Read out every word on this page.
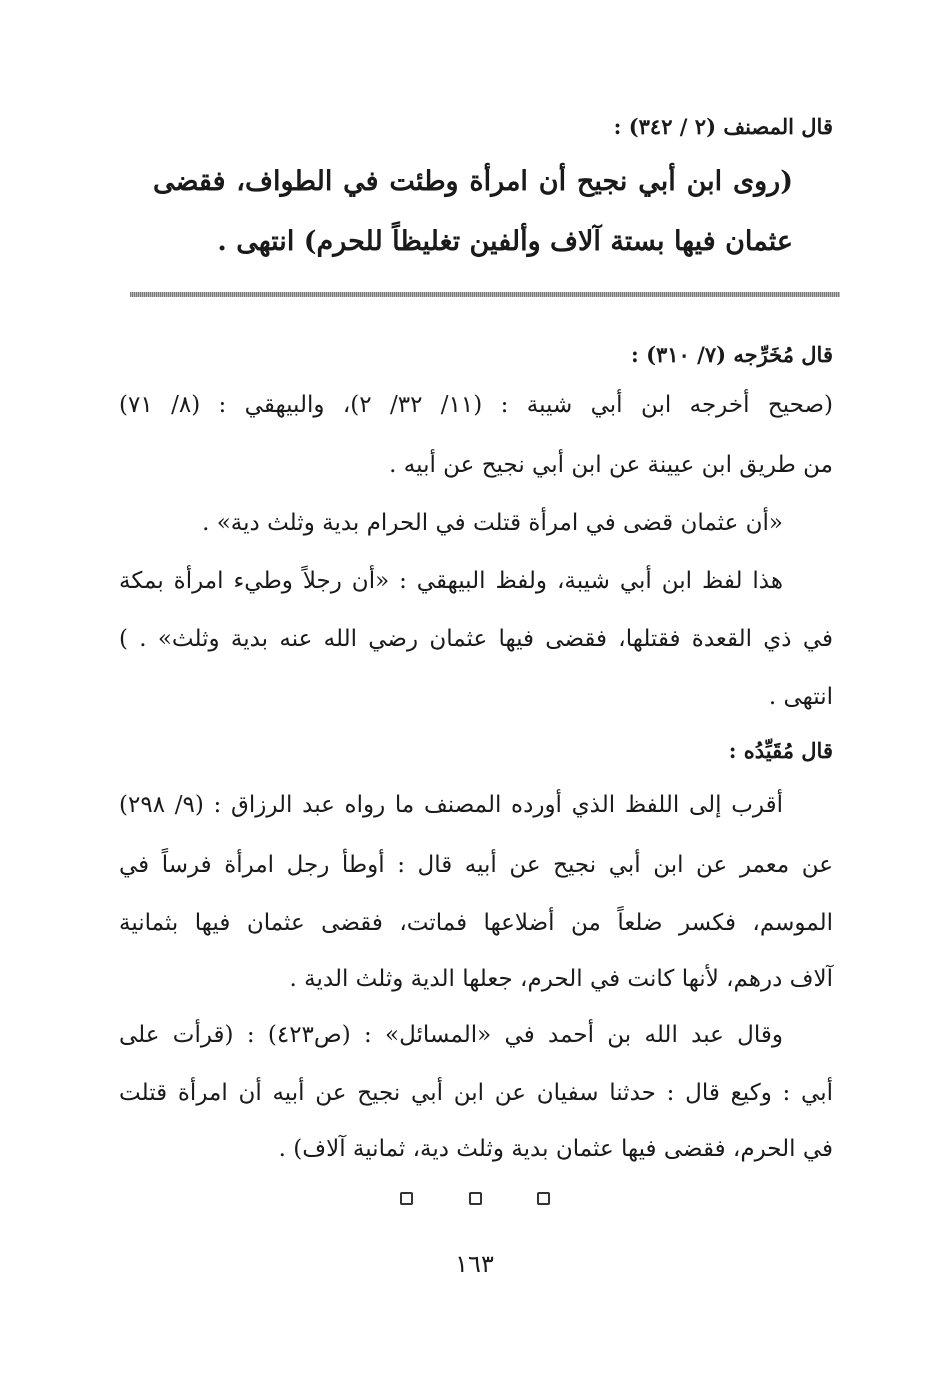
قال المصنف (٢ / ٣٤٢) :
(روى ابن أبي نجيح أن امرأة وطئت في الطواف، فقضى
عثمان فيها بستة آلاف وألفين تغليظاً للحرم) انتهى .
قال مُخَرِّجه (٧/ ٣١٠) :
(صحيح أخرجه ابن أبي شيبة : (١١/ ٣٢/ ٢)، والبيهقي : (٨/ ٧١)
من طريق ابن عيينة عن ابن أبي نجيح عن أبيه .
«أن عثمان قضى في امرأة قتلت في الحرام بدية وثلث دية» .
هذا لفظ ابن أبي شيبة، ولفظ البيهقي : «أن رجلاً وطيء امرأة بمكة
في ذي القعدة فقتلها، فقضى فيها عثمان رضي الله عنه بدية وثلث» . )
انتهى .
قال مُقَيِّدُه :
أقرب إلى اللفظ الذي أورده المصنف ما رواه عبد الرزاق : (٩/ ٢٩٨)
عن معمر عن ابن أبي نجيح عن أبيه قال : أوطأ رجل امرأة فرساً في
الموسم، فكسر ضلعاً من أضلاعها فماتت، فقضى عثمان فيها بثمانية
آلاف درهم، لأنها كانت في الحرم، جعلها الدية وثلث الدية .
وقال عبد الله بن أحمد في «المسائل» : (ص٤٢٣) : (قرأت على
أبي : وكيع قال : حدثنا سفيان عن ابن أبي نجيح عن أبيه أن امرأة قتلت
في الحرم، فقضى فيها عثمان بدية وثلث دية، ثمانية آلاف) .
١٦٣
